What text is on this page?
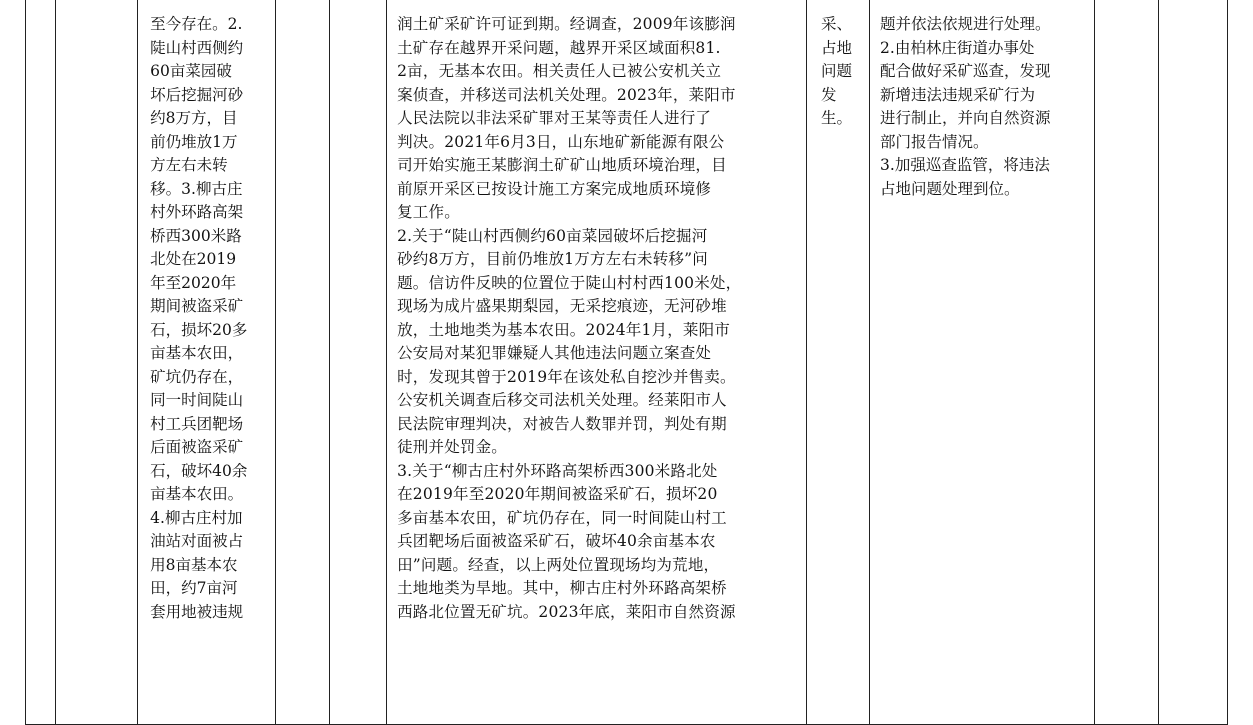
至今存在。2.
陡山村西侧约
60亩菜园破
坏后挖掘河砂
约8万方，目
前仍堆放1万
方左右未转
移。3.柳古庄
村外环路高架
桥西300米路
北处在2019
年至2020年
期间被盗采矿
石，损坏20多
亩基本农田，
矿坑仍存在，
同一时间陡山
村工兵团靶场
后面被盗采矿
石，破坏40余
亩基本农田。
4.柳古庄村加
油站对面被占
用8亩基本农
田，约7亩河
套用地被违规

润土矿采矿许可证到期。经调查，2009年该膨润
土矿存在越界开采问题，越界开采区域面积81.
2亩，无基本农田。相关责任人已被公安机关立
案侦查，并移送司法机关处理。2023年，莱阳市
人民法院以非法采矿罪对王某等责任人进行了
判决。2021年6月3日，山东地矿新能源有限公
司开始实施王某膨润土矿矿山地质环境治理，目
前原开采区已按设计施工方案完成地质环境修
复工作。
2.关于“陡山村西侧约60亩菜园破坏后挖掘河
砂约8万方，目前仍堆放1万方左右未转移”问
题。信访件反映的位置位于陡山村村西100米处，
现场为成片盛果期梨园，无采挖痕迹，无河砂堆
放，土地地类为基本农田。2024年1月，莱阳市
公安局对某犯罪嫌疑人其他违法问题立案查处
时，发现其曾于2019年在该处私自挖沙并售卖。
公安机关调查后移交司法机关处理。经莱阳市人
民法院审理判决，对被告人数罪并罚，判处有期
徒刑并处罚金。
3.关于“柳古庄村外环路高架桥西300米路北处
在2019年至2020年期间被盗采矿石，损坏20
多亩基本农田，矿坑仍存在，同一时间陡山村工
兵团靶场后面被盗采矿石，破坏40余亩基本农
田”问题。经查，以上两处位置现场均为荒地，
土地地类为旱地。其中，柳古庄村外环路高架桥
西路北位置无矿坑。2023年底，莱阳市自然资源

采、
占地
问题
发
生。

题并依法依规进行处理。
2.由柏林庄街道办事处
配合做好采矿巡查，发现
新增违法违规采矿行为
进行制止，并向自然资源
部门报告情况。
3.加强巡查监管，将违法
占地问题处理到位。
